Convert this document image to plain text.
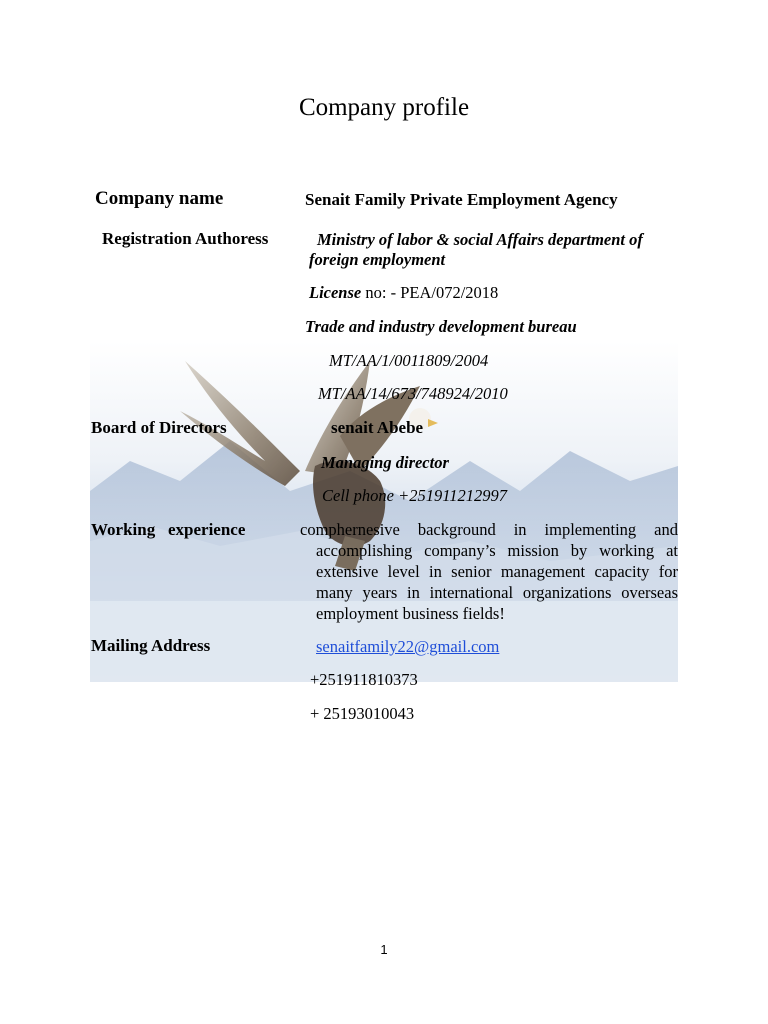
Company profile
Company name	Senait Family Private Employment Agency
Registration Authoress	Ministry of labor & social Affairs department of
foreign employment
License no: - PEA/072/2018
Trade and industry development bureau
MT/AA/1/0011809/2004
MT/AA/14/673/748924/2010
Board of Directors	senait Abebe
Managing director
Cell phone +251911212997
Working   experience	comphernesive background in implementing and
accomplishing company’s mission by working at
extensive level in senior management capacity for
many years in international organizations overseas
employment business fields!
Mailing Address	senaitfamily22@gmail.com
+251911810373
+ 25193010043
1
